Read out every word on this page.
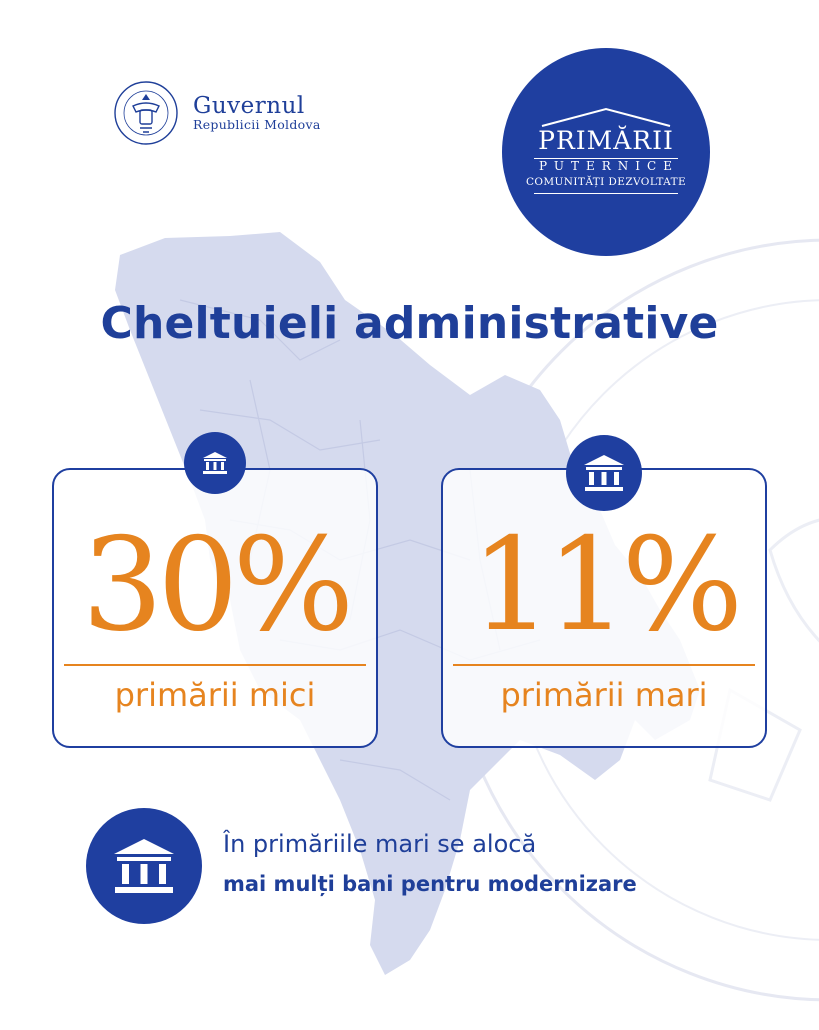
Guvernul
Republicii Moldova
PRIMĂRII
PUTERNICE
COMUNITĂȚI DEZVOLTATE
Cheltuieli administrative
30%
primării mici
11%
primării mari
În primăriile mari se alocă
mai mulți bani pentru modernizare
